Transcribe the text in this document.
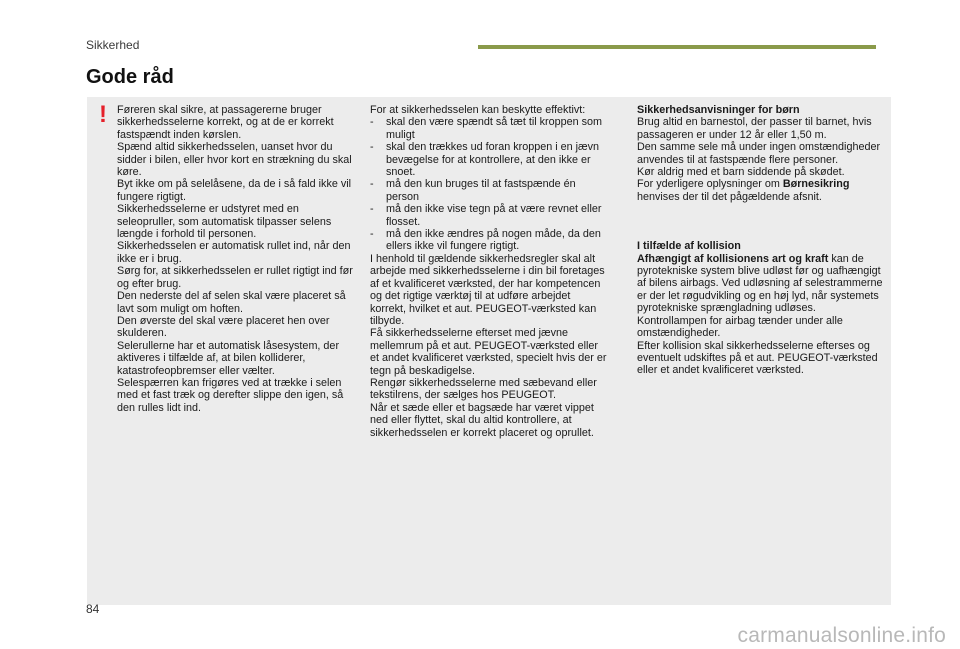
Sikkerhed
Gode råd
! Føreren skal sikre, at passagererne bruger sikkerhedsselerne korrekt, og at de er korrekt fastspændt inden kørslen.

Spænd altid sikkerhedsselen, uanset hvor du sidder i bilen, eller hvor kort en strækning du skal køre.

Byt ikke om på selelåsene, da de i så fald ikke vil fungere rigtigt.

Sikkerhedsselerne er udstyret med en seleopruller, som automatisk tilpasser selens længde i forhold til personen.

Sikkerhedsselen er automatisk rullet ind, når den ikke er i brug.

Sørg for, at sikkerhedsselen er rullet rigtigt ind før og efter brug.

Den nederste del af selen skal være placeret så lavt som muligt om hoften.

Den øverste del skal være placeret hen over skulderen.

Selerullerne har et automatisk låsesystem, der aktiveres i tilfælde af, at bilen kolliderer, katastrofeopbremser eller vælter.

Selespærren kan frigøres ved at trække i selen med et fast træk og derefter slippe den igen, så den rulles lidt ind.

For at sikkerhedsselen kan beskytte effektivt:

- skal den være spændt så tæt til kroppen som muligt
- skal den trækkes ud foran kroppen i en jævn bevægelse for at kontrollere, at den ikke er snoet.
- må den kun bruges til at fastspænde én person
- må den ikke vise tegn på at være revnet eller flosset.
- må den ikke ændres på nogen måde, da den ellers ikke vil fungere rigtigt.

I henhold til gældende sikkerhedsregler skal alt arbejde med sikkerhedsselerne i din bil foretages af et kvalificeret værksted, der har kompetencen og det rigtige værktøj til at udføre arbejdet korrekt, hvilket et aut. PEUGEOT-værksted kan tilbyde.

Få sikkerhedsselerne efterset med jævne mellemrum på et aut. PEUGEOT-værksted eller et andet kvalificeret værksted, specielt hvis der er tegn på beskadigelse.

Rengør sikkerhedsselerne med sæbevand eller tekstilrens, der sælges hos PEUGEOT.

Når et sæde eller et bagsæde har været vippet ned eller flyttet, skal du altid kontrollere, at sikkerhedsselen er korrekt placeret og oprullet.

Sikkerhedsanvisninger for børn

Brug altid en barnestol, der passer til barnet, hvis passageren er under 12 år eller 1,50 m.

Den samme sele må under ingen omstændigheder anvendes til at fastspænde flere personer.

Kør aldrig med et barn siddende på skødet.

For yderligere oplysninger om Børnesikring henvises der til det pågældende afsnit.

I tilfælde af kollision

Afhængigt af kollisionens art og kraft kan de pyrotekniske system blive udløst før og uafhængigt af bilens airbags. Ved udløsning af selestrammerne er der let røgudvikling og en høj lyd, når systemets pyrotekniske sprængladning udløses.

Kontrollampen for airbag tænder under alle omstændigheder.

Efter kollision skal sikkerhedsselerne efterses og eventuelt udskiftes på et aut. PEUGEOT-værksted eller et andet kvalificeret værksted.

84
carmanualsonline.info
